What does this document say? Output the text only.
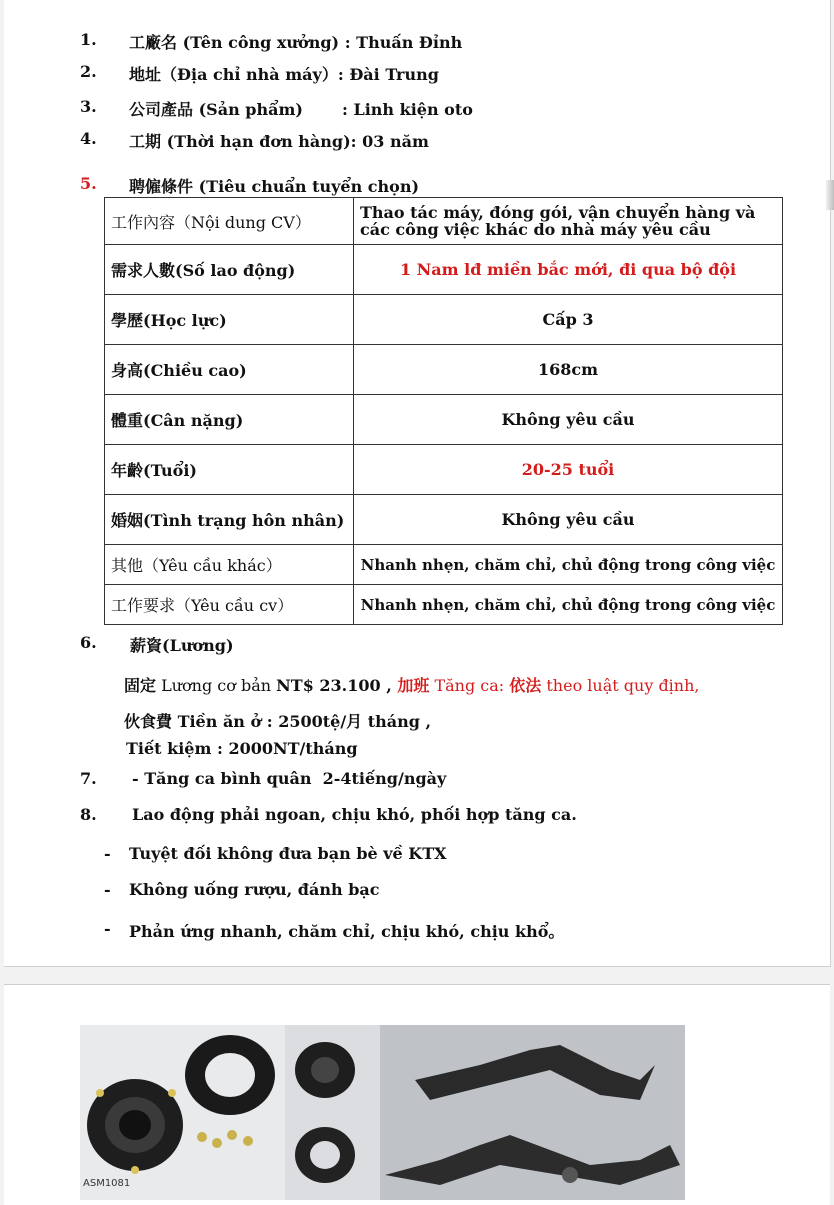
1. 工廠名 (Tên công xưởng) : Thuấn Đỉnh
2. 地址（Địa chỉ nhà máy）: Đài Trung
3. 公司產品 (Sản phẩm)       : Linh kiện oto
4. 工期 (Thời hạn đơn hàng): 03 năm
5. 聘僱條件 (Tiêu chuẩn tuyển chọn)
工作內容（Nội dung CV）	Thao tác máy, đóng gói, vận chuyển hàng và các công việc khác do nhà máy yêu cầu
需求人數(Số lao động)	1 Nam lđ miền bắc mới, đi qua bộ đội
學歷(Học lực)	Cấp 3
身高(Chiều cao)	168cm
體重(Cân nặng)	Không yêu cầu
年齡(Tuổi)	20-25 tuổi
婚姻(Tình trạng hôn nhân)	Không yêu cầu
其他（Yêu cầu khác）	Nhanh nhẹn, chăm chỉ, chủ động trong công việc
工作要求（Yêu cầu cv）	Nhanh nhẹn, chăm chỉ, chủ động trong công việc
6. 薪資(Lương)
固定 Lương cơ bản NT$ 23.100 , 加班 Tăng ca: 依法 theo luật quy định,
伙食費 Tiền ăn ở : 2500tệ/月 tháng ,
Tiết kiệm : 2000NT/tháng
7. - Tăng ca bình quân  2-4tiếng/ngày
8. Lao động phải ngoan, chịu khó, phối hợp tăng ca.
- Tuyệt đối không đưa bạn bè về KTX
- Không uống rượu, đánh bạc
- Phản ứng nhanh, chăm chỉ, chịu khó, chịu khổ。
ASM1081
